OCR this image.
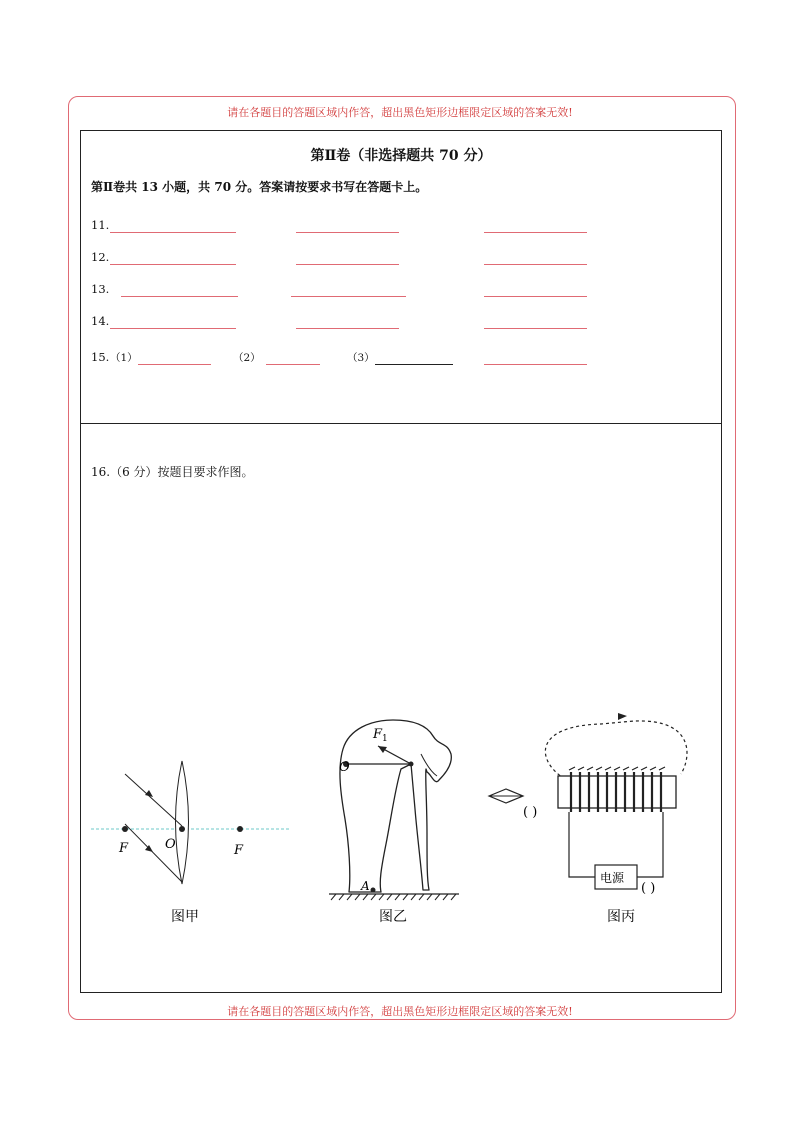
请在各题目的答题区域内作答，超出黑色矩形边框限定区域的答案无效!
请在各题目的答题区域内作答，超出黑色矩形边框限定区域的答案无效!
第Ⅱ卷（非选择题共 70 分）
第Ⅱ卷共 13 小题，共 70 分。答案请按要求书写在答题卡上。
11.
12.
13.
14.
15. （1）	（2）	（3）
16.（6 分）按题目要求作图。
F	O	F
图甲
$F_1$
O
A
图乙
( )
电源
( )
图丙
